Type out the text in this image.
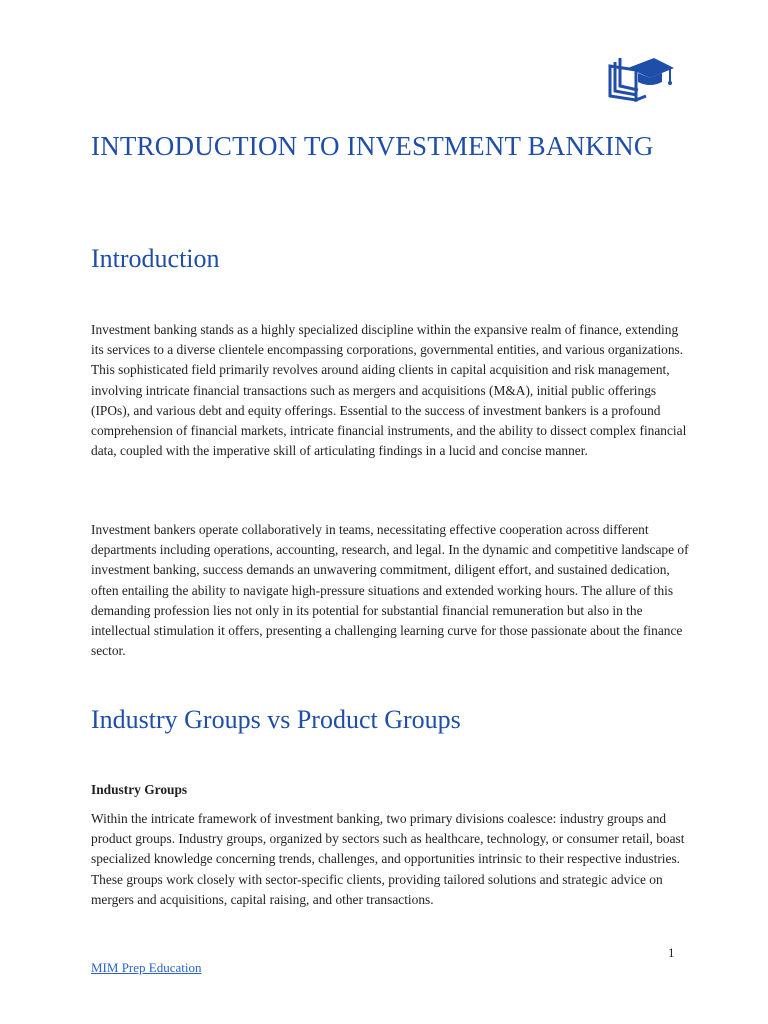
INTRODUCTION TO INVESTMENT BANKING
Introduction

Investment banking stands as a highly specialized discipline within the expansive realm of finance, extending its services to a diverse clientele encompassing corporations, governmental entities, and various organizations. This sophisticated field primarily revolves around aiding clients in capital acquisition and risk management, involving intricate financial transactions such as mergers and acquisitions (M&A), initial public offerings (IPOs), and various debt and equity offerings. Essential to the success of investment bankers is a profound comprehension of financial markets, intricate financial instruments, and the ability to dissect complex financial data, coupled with the imperative skill of articulating findings in a lucid and concise manner.

Investment bankers operate collaboratively in teams, necessitating effective cooperation across different departments including operations, accounting, research, and legal. In the dynamic and competitive landscape of investment banking, success demands an unwavering commitment, diligent effort, and sustained dedication, often entailing the ability to navigate high-pressure situations and extended working hours. The allure of this demanding profession lies not only in its potential for substantial financial remuneration but also in the intellectual stimulation it offers, presenting a challenging learning curve for those passionate about the finance sector.

Industry Groups vs Product Groups
Industry Groups

Within the intricate framework of investment banking, two primary divisions coalesce: industry groups and product groups. Industry groups, organized by sectors such as healthcare, technology, or consumer retail, boast specialized knowledge concerning trends, challenges, and opportunities intrinsic to their respective industries. These groups work closely with sector-specific clients, providing tailored solutions and strategic advice on mergers and acquisitions, capital raising, and other transactions.

1
MIM Prep Education
